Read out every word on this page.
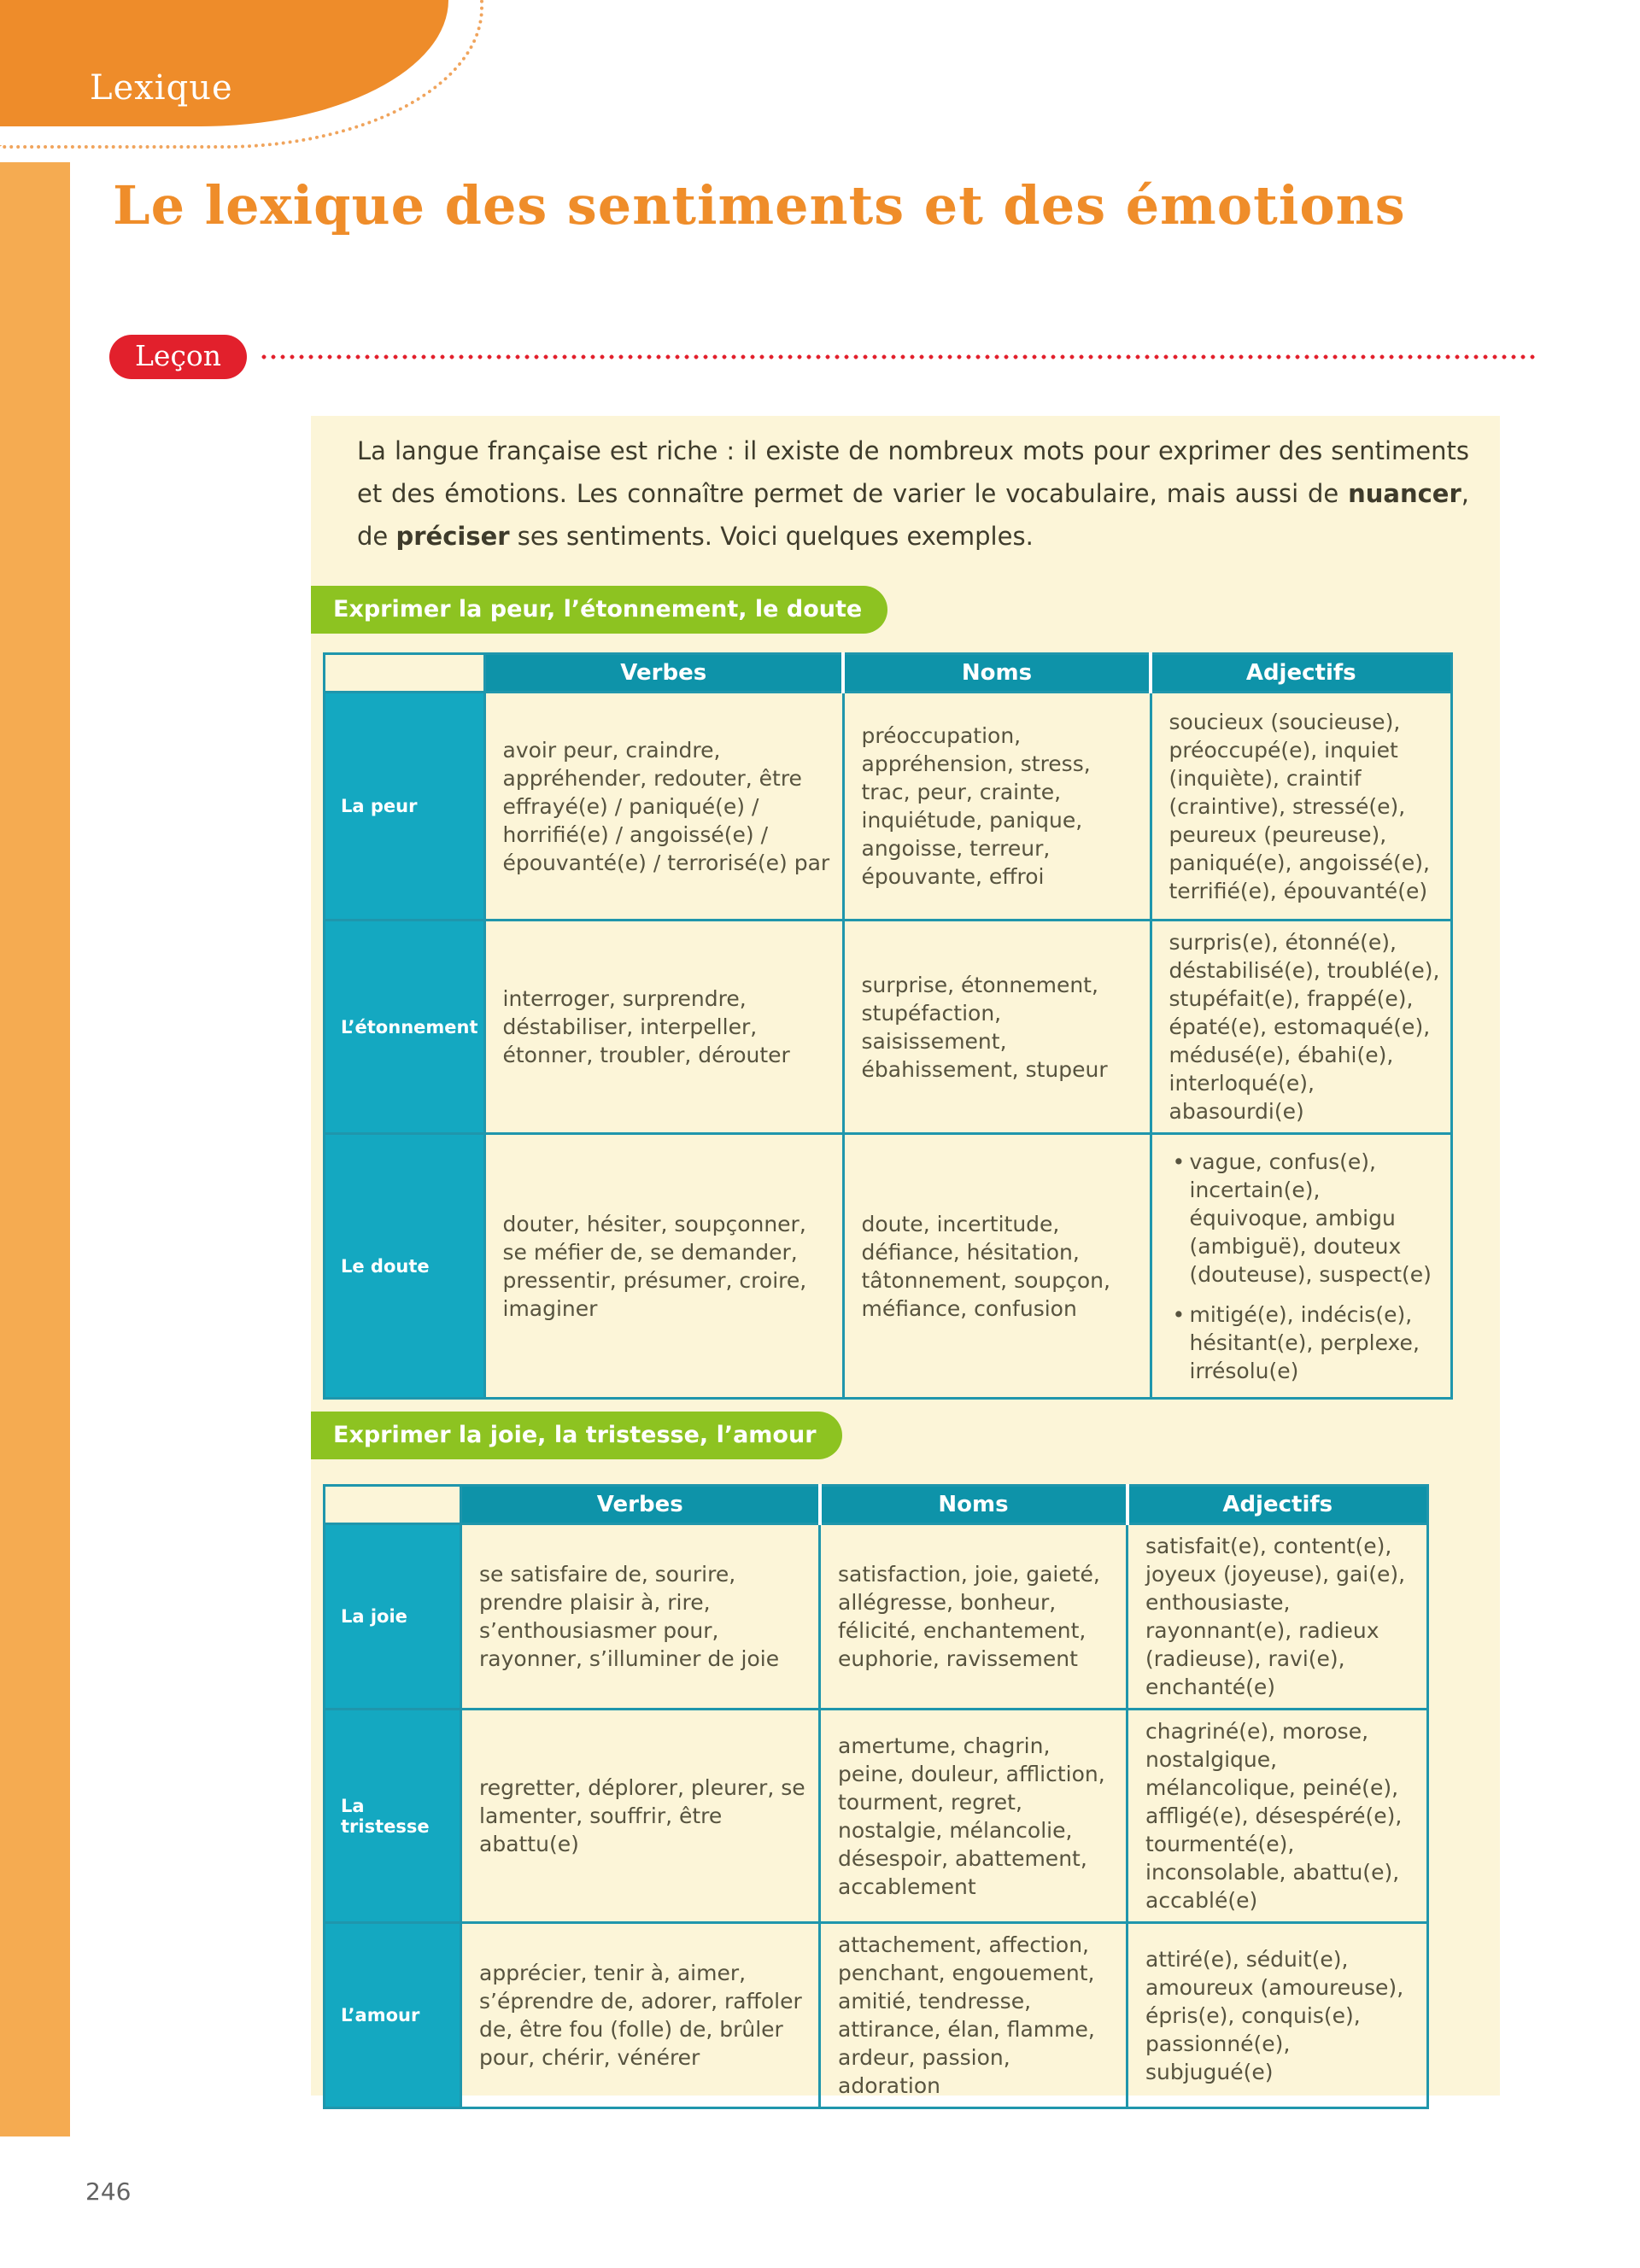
Lexique
Le lexique des sentiments et des émotions
Leçon

La langue française est riche : il existe de nombreux mots pour exprimer des sentiments et des émotions. Les connaître permet de varier le vocabulaire, mais aussi de nuancer, de préciser ses sentiments. Voici quelques exemples.

Exprimer la peur, l’étonnement, le doute
	Verbes	Noms	Adjectifs
La peur	avoir peur, craindre, appréhender, redouter, être effrayé(e) / paniqué(e) / horrifié(e) / angoissé(e) / épouvanté(e) / terrorisé(e) par	préoccupation, appréhension, stress, trac, peur, crainte, inquiétude, panique, angoisse, terreur, épouvante, effroi	soucieux (soucieuse), préoccupé(e), inquiet (inquiète), craintif (craintive), stressé(e), peureux (peureuse), paniqué(e), angoissé(e), terrifié(e), épouvanté(e)
L’étonnement	interroger, surprendre, déstabiliser, interpeller, étonner, troubler, dérouter	surprise, étonnement, stupéfaction, saisissement, ébahissement, stupeur	surpris(e), étonné(e), déstabilisé(e), troublé(e), stupéfait(e), frappé(e), épaté(e), estomaqué(e), médusé(e), ébahi(e), interloqué(e), abasourdi(e)
Le doute	douter, hésiter, soupçonner, se méfier de, se demander, pressentir, présumer, croire, imaginer	doute, incertitude, défiance, hésitation, tâtonnement, soupçon, méfiance, confusion	• vague, confus(e), incertain(e), équivoque, ambigu (ambiguë), douteux (douteuse), suspect(e)
• mitigé(e), indécis(e), hésitant(e), perplexe, irrésolu(e)
Exprimer la joie, la tristesse, l’amour
	Verbes	Noms	Adjectifs
La joie	se satisfaire de, sourire, prendre plaisir à, rire, s’enthousiasmer pour, rayonner, s’illuminer de joie	satisfaction, joie, gaieté, allégresse, bonheur, félicité, enchantement, euphorie, ravissement	satisfait(e), content(e), joyeux (joyeuse), gai(e), enthousiaste, rayonnant(e), radieux (radieuse), ravi(e), enchanté(e)
La tristesse	regretter, déplorer, pleurer, se lamenter, souffrir, être abattu(e)	amertume, chagrin, peine, douleur, affliction, tourment, regret, nostalgie, mélancolie, désespoir, abattement, accablement	chagriné(e), morose, nostalgique, mélancolique, peiné(e), affligé(e), désespéré(e), tourmenté(e), inconsolable, abattu(e), accablé(e)
L’amour	apprécier, tenir à, aimer, s’éprendre de, adorer, raffoler de, être fou (folle) de, brûler pour, chérir, vénérer	attachement, affection, penchant, engouement, amitié, tendresse, attirance, élan, flamme, ardeur, passion, adoration	attiré(e), séduit(e), amoureux (amoureuse), épris(e), conquis(e), passionné(e), subjugué(e)
246
